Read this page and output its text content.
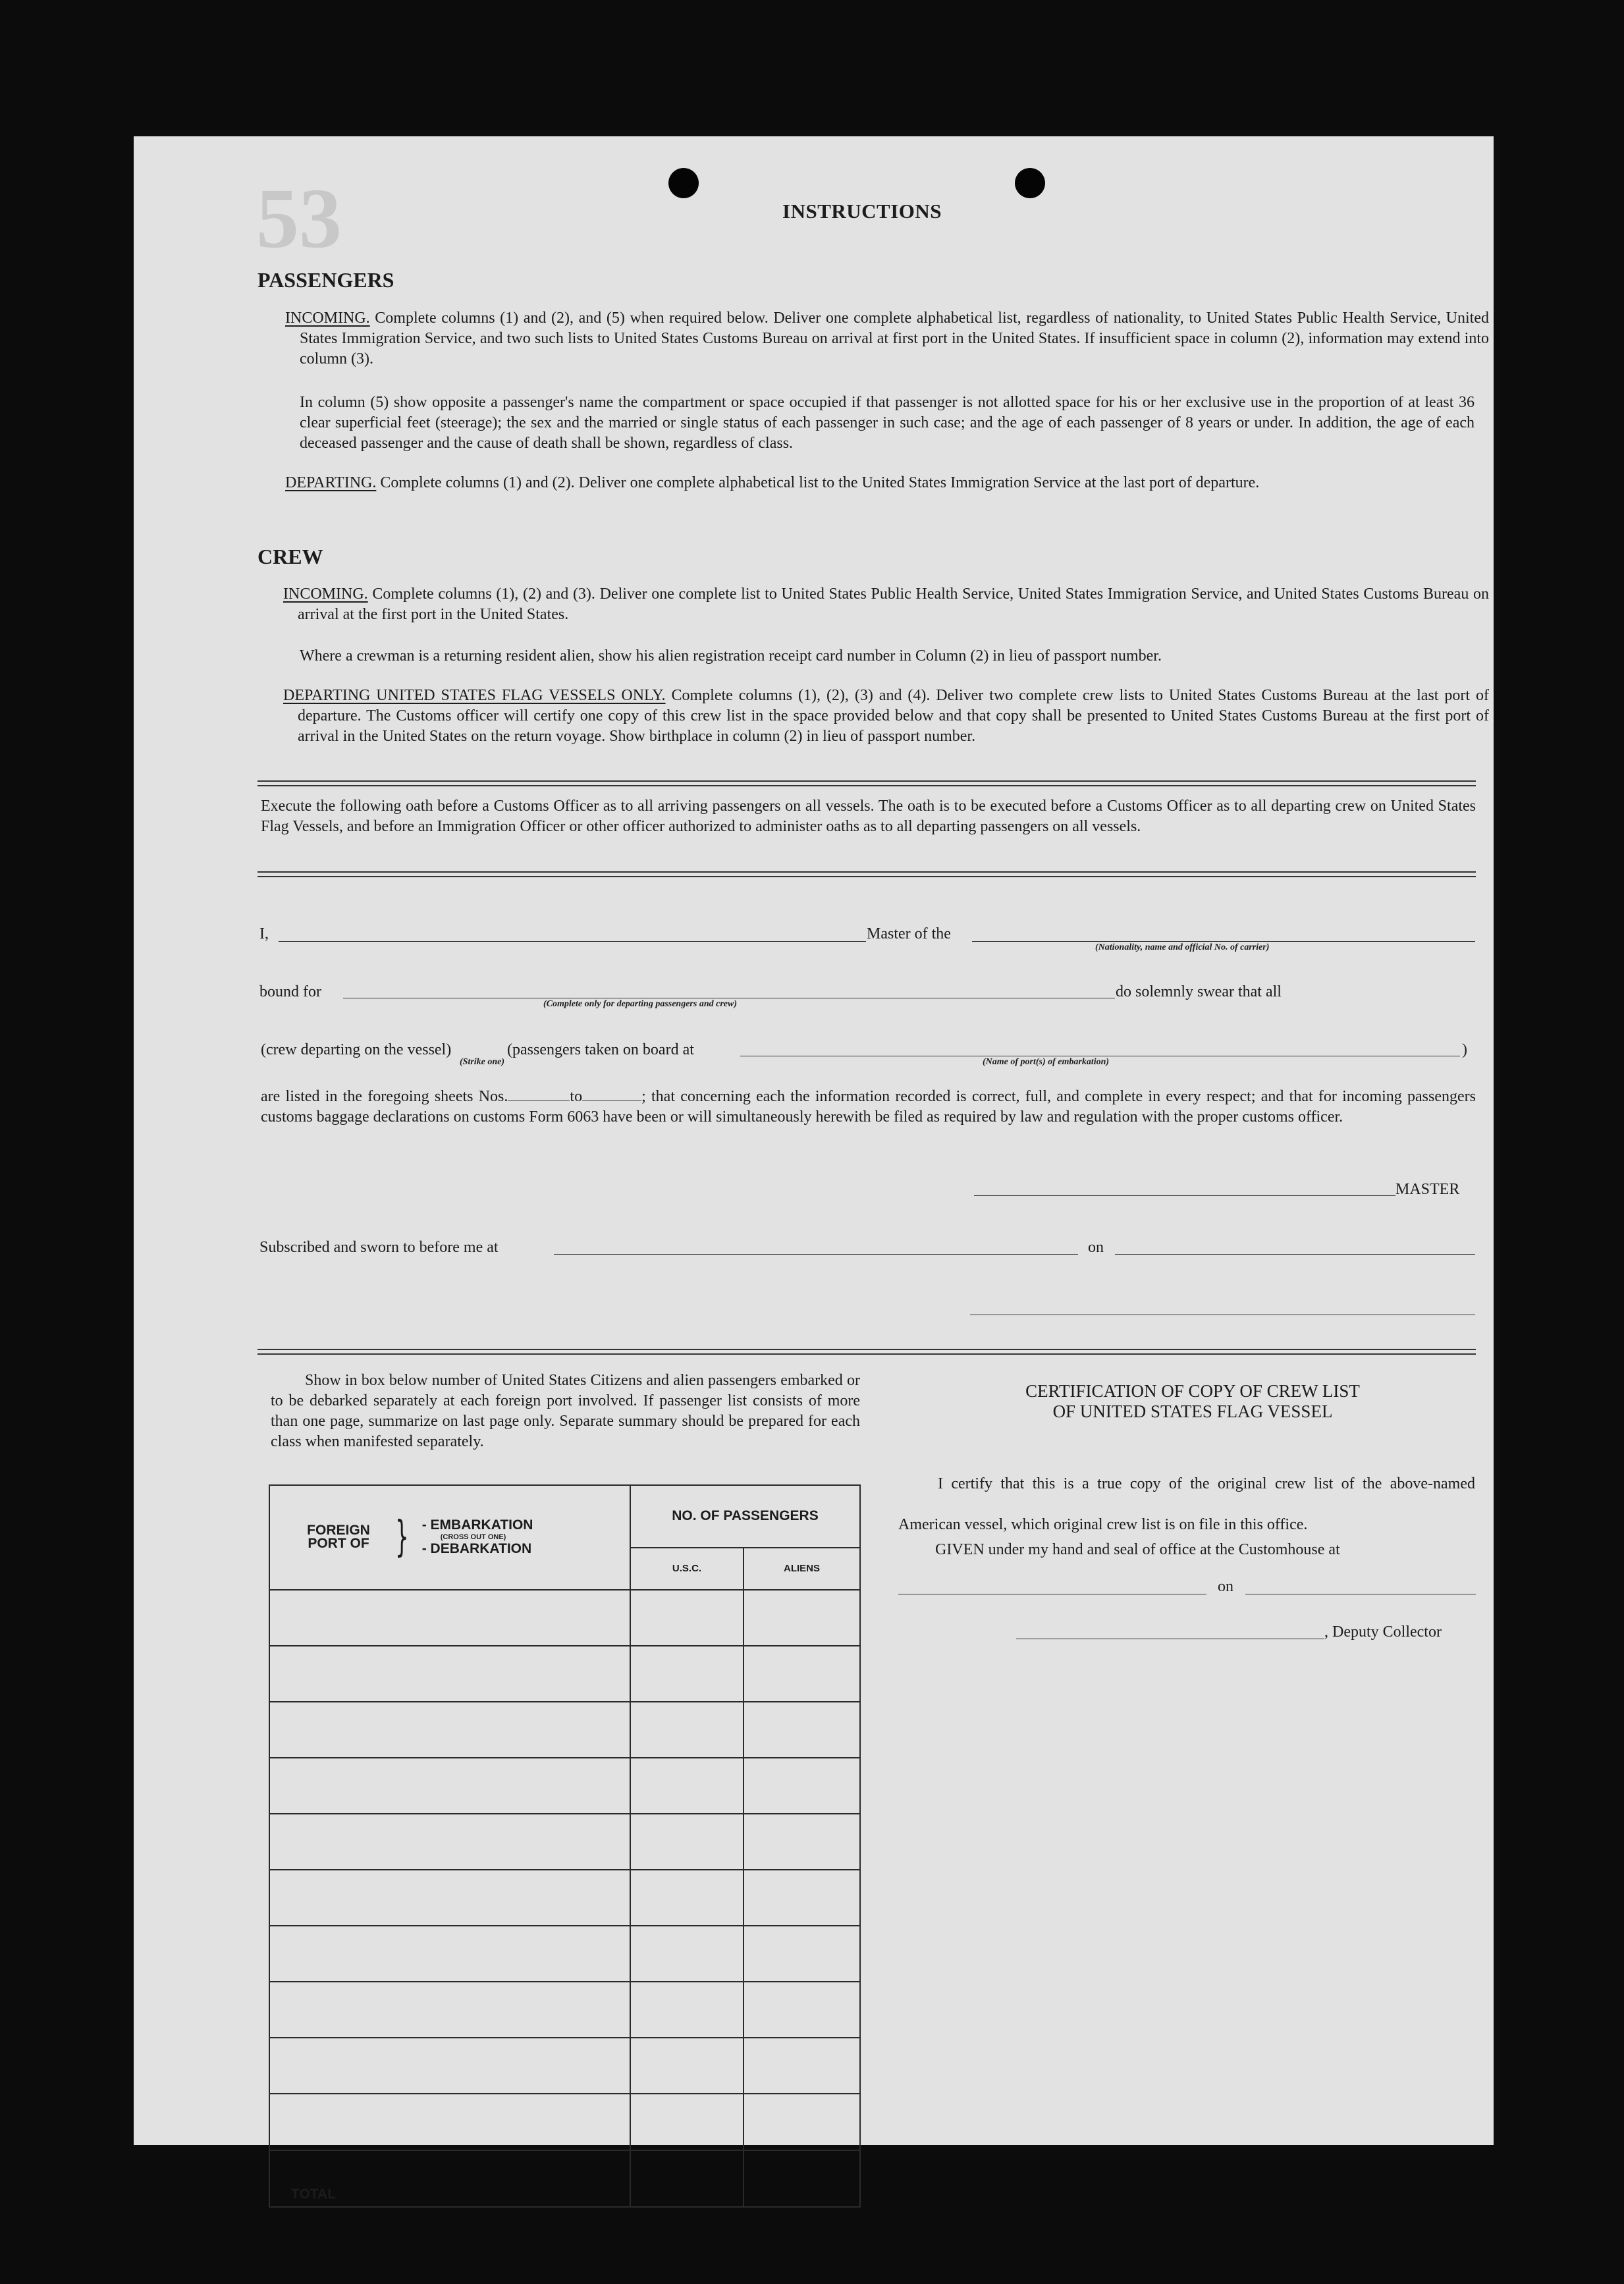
53	INSTRUCTIONS
PASSENGERS
INCOMING. Complete columns (1) and (2), and (5) when required below. Deliver one complete alphabetical list, regardless of nationality, to United States Public Health Service, United States Immigration Service, and two such lists to United States Customs Bureau on arrival at first port in the United States. If insufficient space in column (2), information may extend into column (3).
In column (5) show opposite a passenger's name the compartment or space occupied if that passenger is not allotted space for his or her exclusive use in the proportion of at least 36 clear superficial feet (steerage); the sex and the married or single status of each passenger in such case; and the age of each passenger of 8 years or under. In addition, the age of each deceased passenger and the cause of death shall be shown, regardless of class.
DEPARTING. Complete columns (1) and (2). Deliver one complete alphabetical list to the United States Immigration Service at the last port of departure.
CREW
INCOMING. Complete columns (1), (2) and (3). Deliver one complete list to United States Public Health Service, United States Immigration Service, and United States Customs Bureau on arrival at the first port in the United States.
Where a crewman is a returning resident alien, show his alien registration receipt card number in Column (2) in lieu of passport number.
DEPARTING UNITED STATES FLAG VESSELS ONLY. Complete columns (1), (2), (3) and (4). Deliver two complete crew lists to United States Customs Bureau at the last port of departure. The Customs officer will certify one copy of this crew list in the space provided below and that copy shall be presented to United States Customs Bureau at the first port of arrival in the United States on the return voyage. Show birthplace in column (2) in lieu of passport number.
Execute the following oath before a Customs Officer as to all arriving passengers on all vessels. The oath is to be executed before a Customs Officer as to all departing crew on United States Flag Vessels, and before an Immigration Officer or other officer authorized to administer oaths as to all departing passengers on all vessels.
I,	Master of the
(Nationality, name and official No. of carrier)
bound for
(Complete only for departing passengers and crew)
do solemnly swear that all
(crew departing on the vessel)	(passengers taken on board at
(Strike one)	(Name of port(s) of embarkation)
)
are listed in the foregoing sheets Nos.	to	; that concerning each the information recorded is correct, full, and complete in every respect; and that for incoming passengers customs baggage declarations on customs Form 6063 have been or will simultaneously herewith be filed as required by law and regulation with the proper customs officer.
MASTER
Subscribed and sworn to before me at	on
Show in box below number of United States Citizens and alien passengers embarked or to be debarked separately at each foreign port involved. If passenger list consists of more than one page, summarize on last page only. Separate summary should be prepared for each class when manifested separately.
FOREIGN PORT OF } - EMBARKATION
(CROSS OUT ONE)
- DEBARKATION	NO. OF PASSENGERS	
	U.S.C.	ALIENS

TOTAL		

CERTIFICATION OF COPY OF CREW LIST
OF UNITED STATES FLAG VESSEL
I certify that this is a true copy of the original crew list of the above-named American vessel, which original crew list is on file in this office.
GIVEN under my hand and seal of office at the Customhouse at
on
, Deputy Collector
